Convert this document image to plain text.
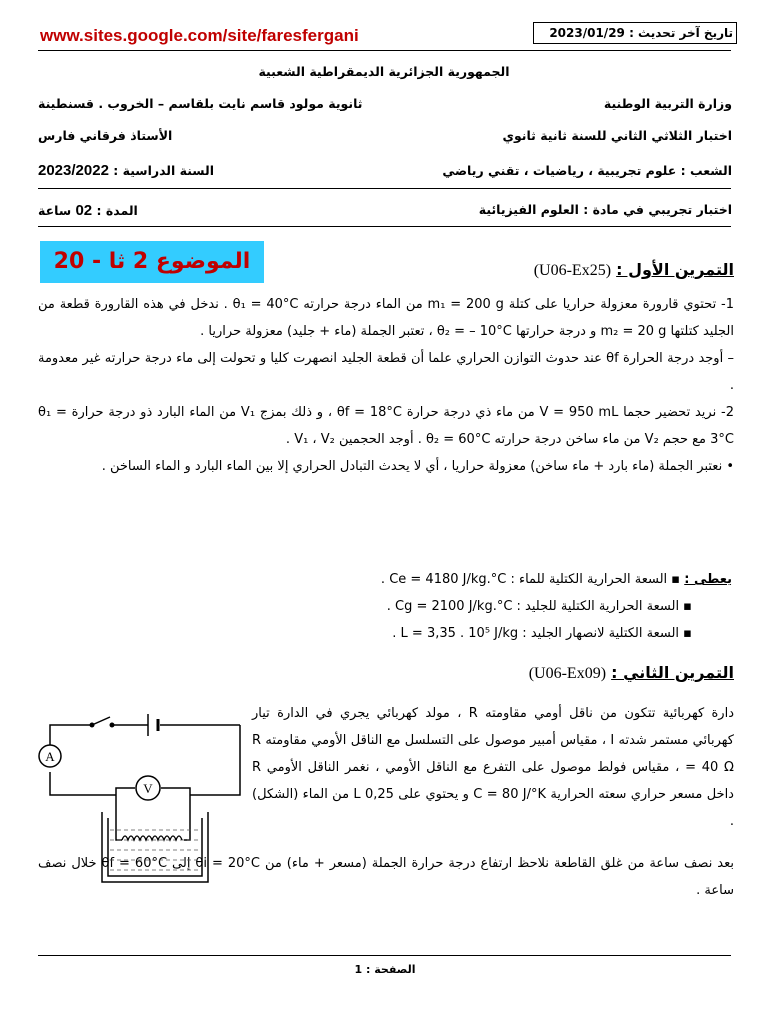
www.sites.google.com/site/faresfergani	تاريخ آخر تحديث : 2023/01/29
الجمهورية الجزائرية الديمقراطية الشعبية
وزارة التربية الوطنية
ثانوية مولود قاسم نايت بلقاسم – الخروب . قسنطينة
اختبار الثلاثي الثاني للسنة ثانية ثانوي
الأستاذ فرقاني فارس
الشعب : علوم تجريبية ، رياضيات ، تقني رياضي
السنة الدراسية : 2023/2022
اختبار تجريبي في مادة : العلوم الفيزيائية
المدة : 02 ساعة
الموضوع 2 ثا - 20	التمرين الأول : (U06-Ex25)

1- تحتوي قارورة معزولة حراريا على كتلة m₁ = 200 g من الماء درجة حرارته θ₁ = 40°C . ندخل في هذه القارورة قطعة من الجليد كتلتها m₂ = 20 g و درجة حرارتها θ₂ = – 10°C ، تعتبر الجملة (ماء + جليد) معزولة حراريا .

– أوجد درجة الحرارة θf عند حدوث التوازن الحراري علما أن قطعة الجليد انصهرت كليا و تحولت إلى ماء درجة حرارته غير معدومة .

2- نريد تحضير حجما V = 950 mL من ماء ذي درجة حرارة θf = 18°C ، و ذلك بمزج V₁ من الماء البارد ذو درجة حرارة θ₁ = 3°C مع حجم V₂ من ماء ساخن درجة حرارته θ₂ = 60°C . أوجد الحجمين V₁ ، V₂ .

• نعتبر الجملة (ماء بارد + ماء ساخن) معزولة حراريا ، أي لا يحدث التبادل الحراري إلا بين الماء البارد و الماء الساخن .

يعطى : ▪ السعة الحرارية الكتلية للماء : Ce = 4180 J/kg.°C .
▪ السعة الحرارية الكتلية للجليد : Cg = 2100 J/kg.°C .
▪ السعة الكتلية لانصهار الجليد : L = 3,35 . 10⁵ J/kg .
التمرين الثاني : (U06-Ex09)

دارة كهربائية تتكون من ناقل أومي مقاومته R ، مولد كهربائي يجري في الدارة تيار كهربائي مستمر شدته I ، مقياس أمبير موصول على التسلسل مع الناقل الأومي مقاومته R = 40 Ω ، مقياس فولط موصول على التفرع مع الناقل الأومي ، نغمر الناقل الأومي R داخل مسعر حراري سعته الحرارية C = 80 J/°K و يحتوي على 0,25 L من الماء (الشكل) .

بعد نصف ساعة من غلق القاطعة نلاحظ ارتفاع درجة حرارة الجملة (مسعر + ماء) من θi = 20°C إلى θf = 60°C خلال نصف ساعة .

A
V
الصفحة : 1
